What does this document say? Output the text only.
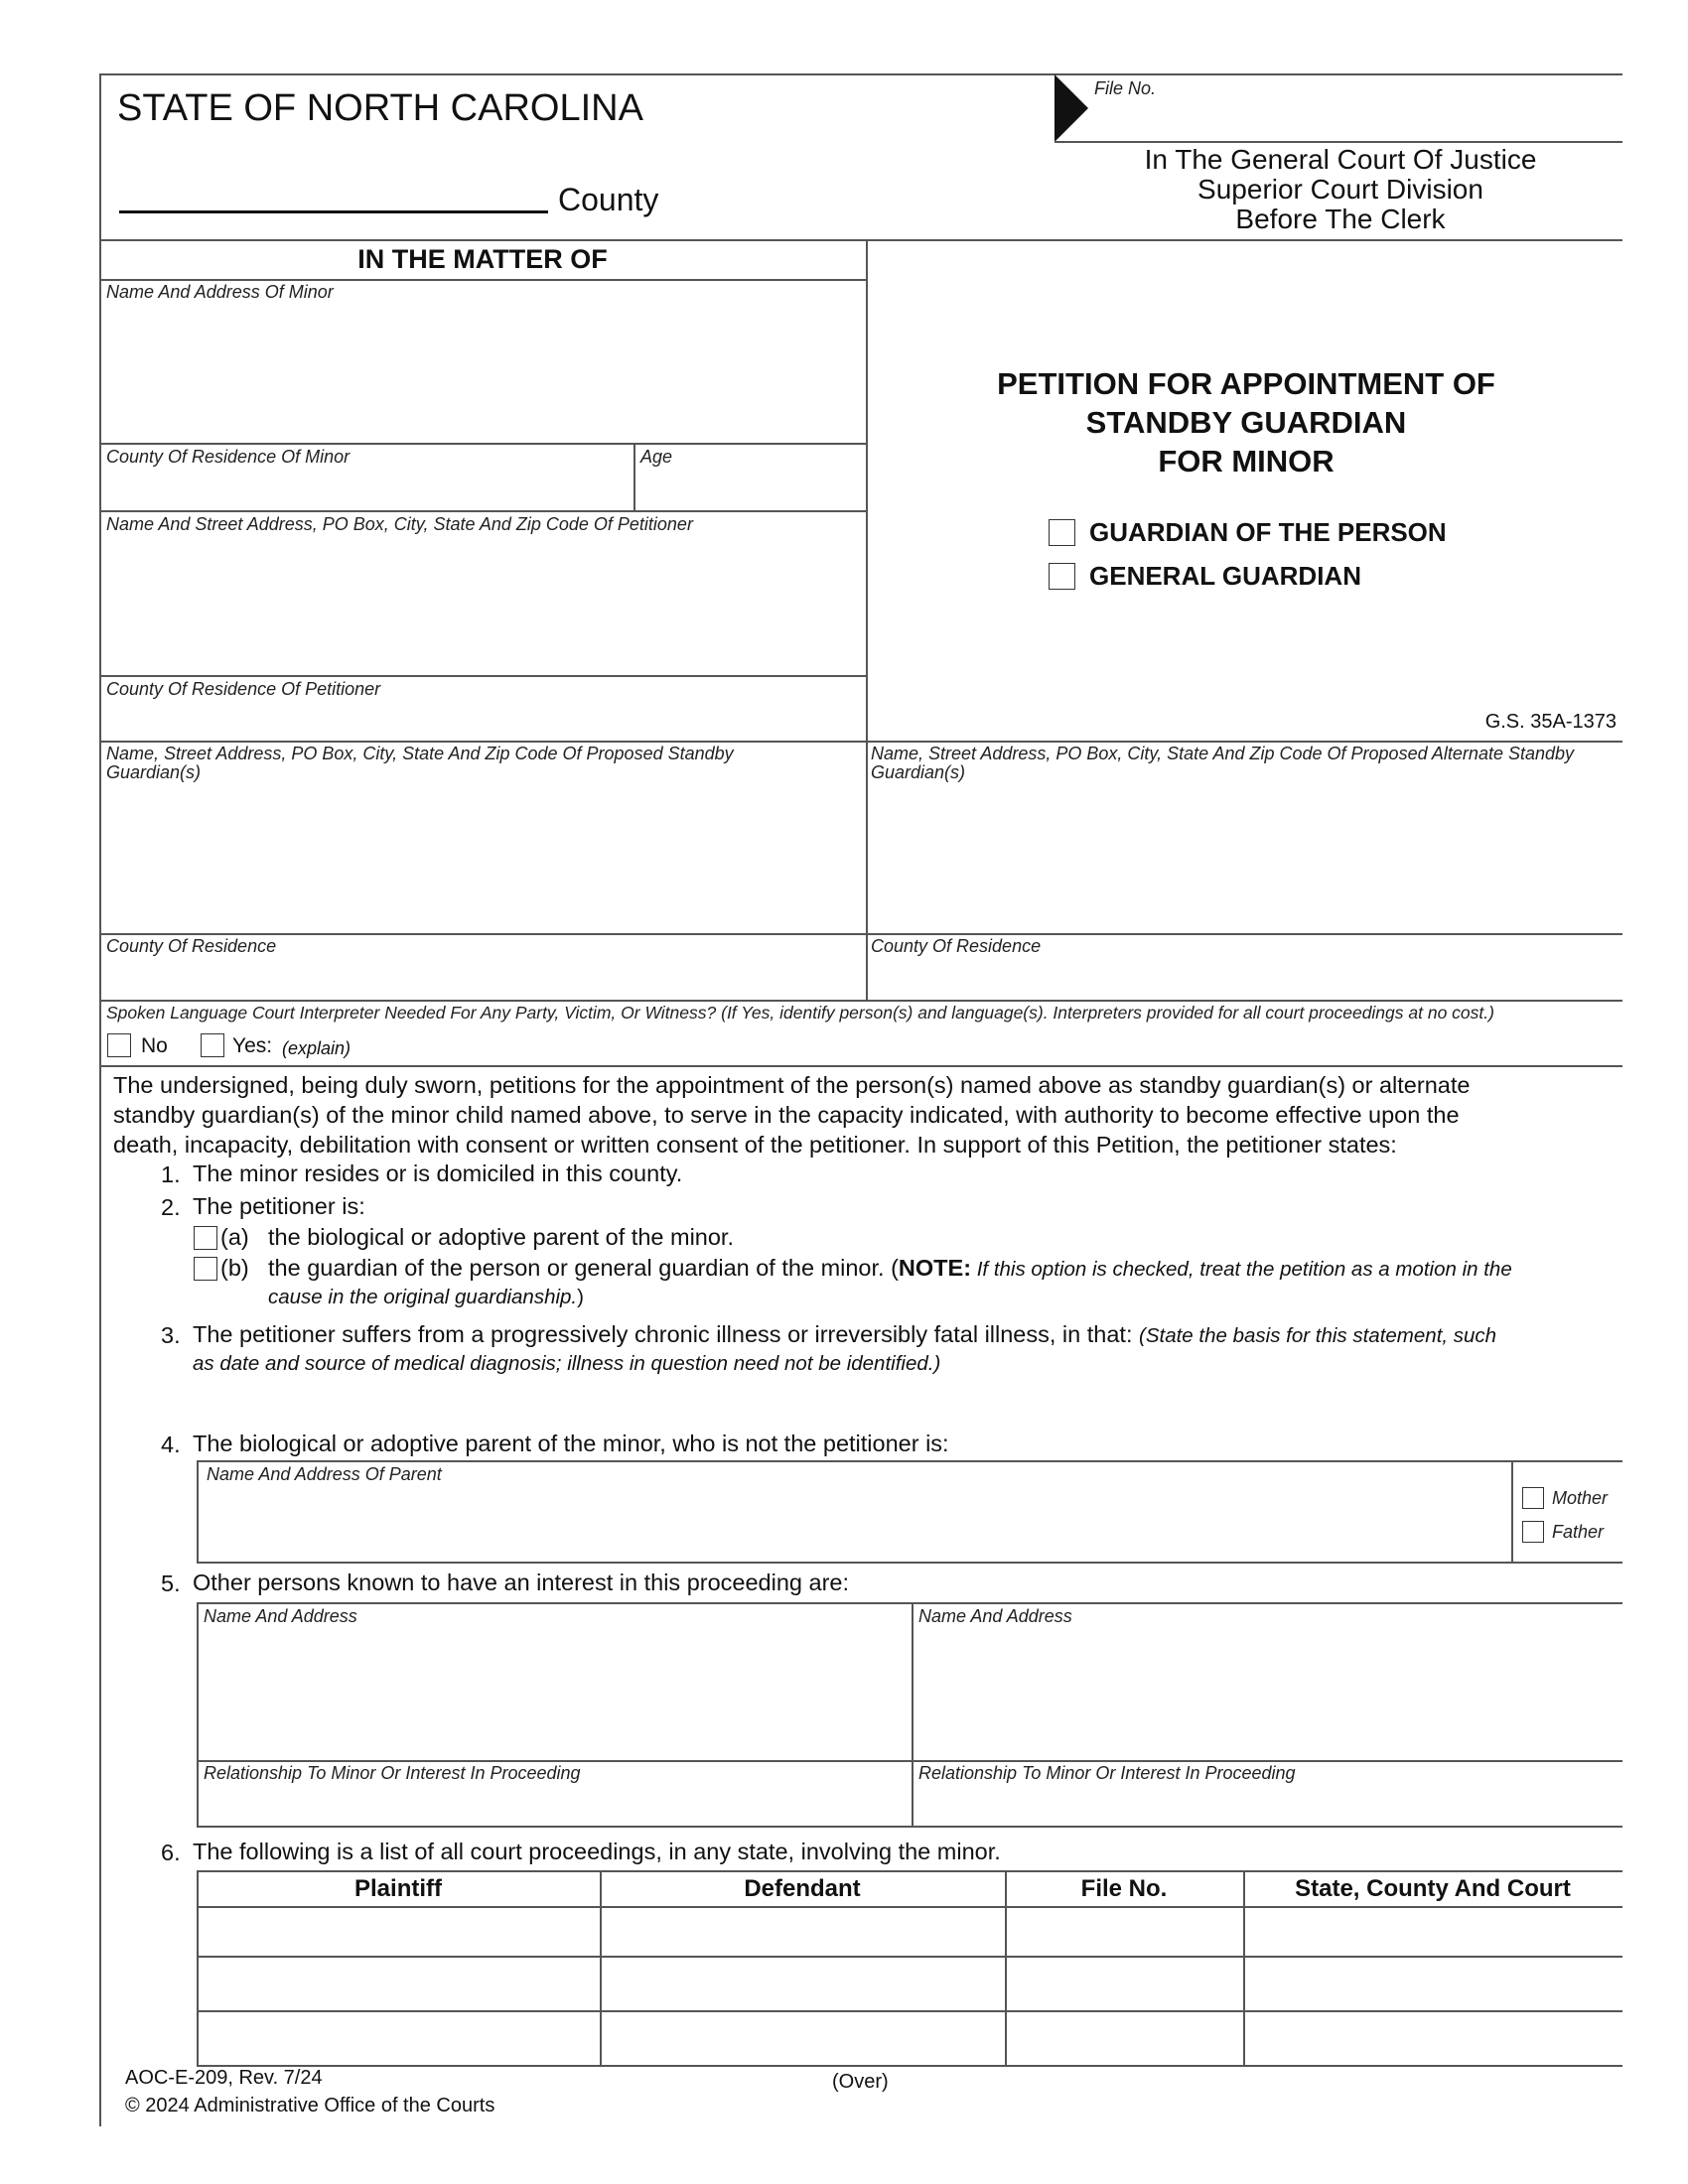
STATE OF NORTH CAROLINA
County
File No.
In The General Court Of Justice
Superior Court Division
Before The Clerk
IN THE MATTER OF
Name And Address Of Minor
County Of Residence Of Minor	Age
Name And Street Address, PO Box, City, State And Zip Code Of Petitioner
County Of Residence Of Petitioner
PETITION FOR APPOINTMENT OF
STANDBY GUARDIAN
FOR MINOR
GUARDIAN OF THE PERSON
GENERAL GUARDIAN
G.S. 35A-1373
Name, Street Address, PO Box, City, State And Zip Code Of Proposed Standby Guardian(s)
Name, Street Address, PO Box, City, State And Zip Code Of Proposed Alternate Standby Guardian(s)
County Of Residence	County Of Residence
Spoken Language Court Interpreter Needed For Any Party, Victim, Or Witness? (If Yes, identify person(s) and language(s). Interpreters provided for all court proceedings at no cost.)
No	Yes: (explain)
The undersigned, being duly sworn, petitions for the appointment of the person(s) named above as standby guardian(s) or alternate
standby guardian(s) of the minor child named above, to serve in the capacity indicated, with authority to become effective upon the
death, incapacity, debilitation with consent or written consent of the petitioner. In support of this Petition, the petitioner states:
1. The minor resides or is domiciled in this county.
2. The petitioner is:
(a) the biological or adoptive parent of the minor.
(b) the guardian of the person or general guardian of the minor. (NOTE: If this option is checked, treat the petition as a motion in the
cause in the original guardianship.)
3. The petitioner suffers from a progressively chronic illness or irreversibly fatal illness, in that: (State the basis for this statement, such
as date and source of medical diagnosis; illness in question need not be identified.)
4. The biological or adoptive parent of the minor, who is not the petitioner is:
Name And Address Of Parent
Mother
Father
5. Other persons known to have an interest in this proceeding are:
Name And Address	Name And Address
Relationship To Minor Or Interest In Proceeding	Relationship To Minor Or Interest In Proceeding
6. The following is a list of all court proceedings, in any state, involving the minor.
Plaintiff	Defendant	File No.	State, County And Court
AOC-E-209, Rev. 7/24	(Over)
© 2024 Administrative Office of the Courts
